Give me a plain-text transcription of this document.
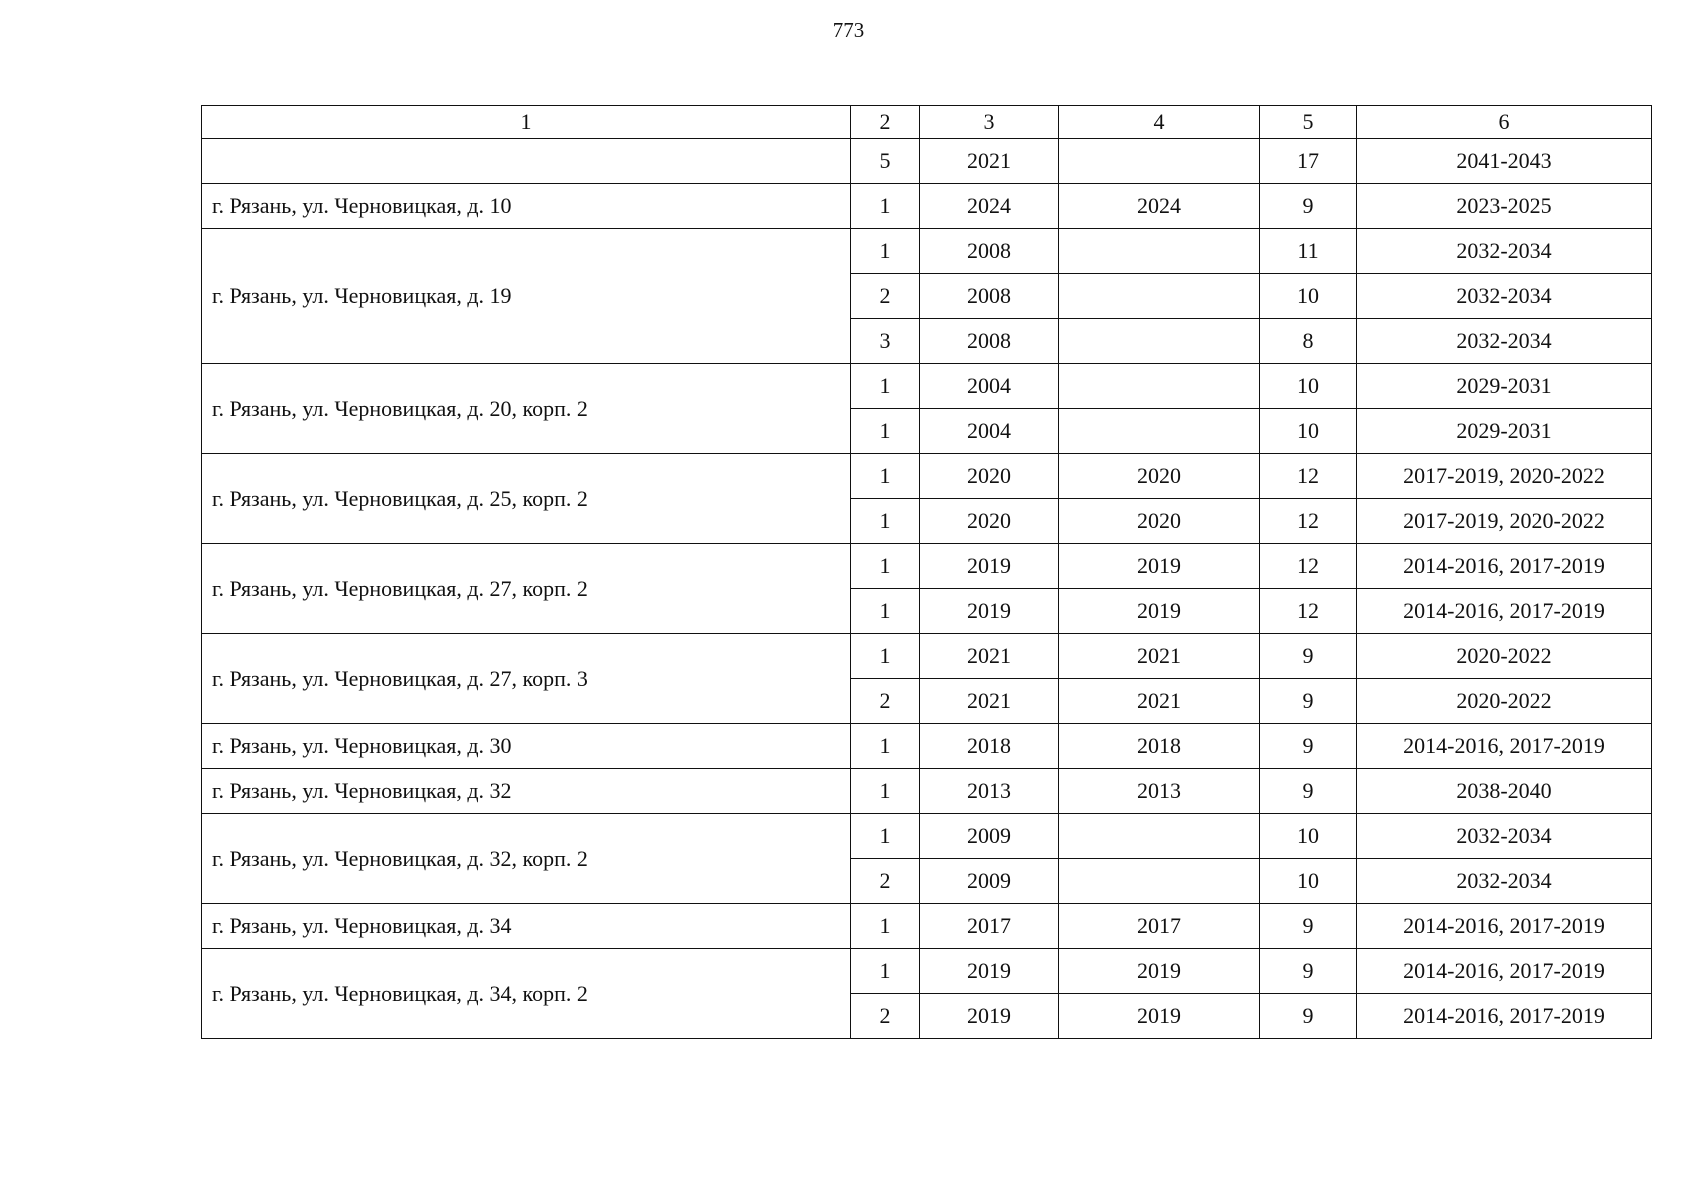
773
1	2	3	4	5	6
	5	2021		17	2041-2043
г. Рязань, ул. Черновицкая, д. 10	1	2024	2024	9	2023-2025
г. Рязань, ул. Черновицкая, д. 19	1	2008		11	2032-2034
	2	2008		10	2032-2034
	3	2008		8	2032-2034
г. Рязань, ул. Черновицкая, д. 20, корп. 2	1	2004		10	2029-2031
	1	2004		10	2029-2031
г. Рязань, ул. Черновицкая, д. 25, корп. 2	1	2020	2020	12	2017-2019, 2020-2022
	1	2020	2020	12	2017-2019, 2020-2022
г. Рязань, ул. Черновицкая, д. 27, корп. 2	1	2019	2019	12	2014-2016, 2017-2019
	1	2019	2019	12	2014-2016, 2017-2019
г. Рязань, ул. Черновицкая, д. 27, корп. 3	1	2021	2021	9	2020-2022
	2	2021	2021	9	2020-2022
г. Рязань, ул. Черновицкая, д. 30	1	2018	2018	9	2014-2016, 2017-2019
г. Рязань, ул. Черновицкая, д. 32	1	2013	2013	9	2038-2040
г. Рязань, ул. Черновицкая, д. 32, корп. 2	1	2009		10	2032-2034
	2	2009		10	2032-2034
г. Рязань, ул. Черновицкая, д. 34	1	2017	2017	9	2014-2016, 2017-2019
г. Рязань, ул. Черновицкая, д. 34, корп. 2	1	2019	2019	9	2014-2016, 2017-2019
	2	2019	2019	9	2014-2016, 2017-2019
